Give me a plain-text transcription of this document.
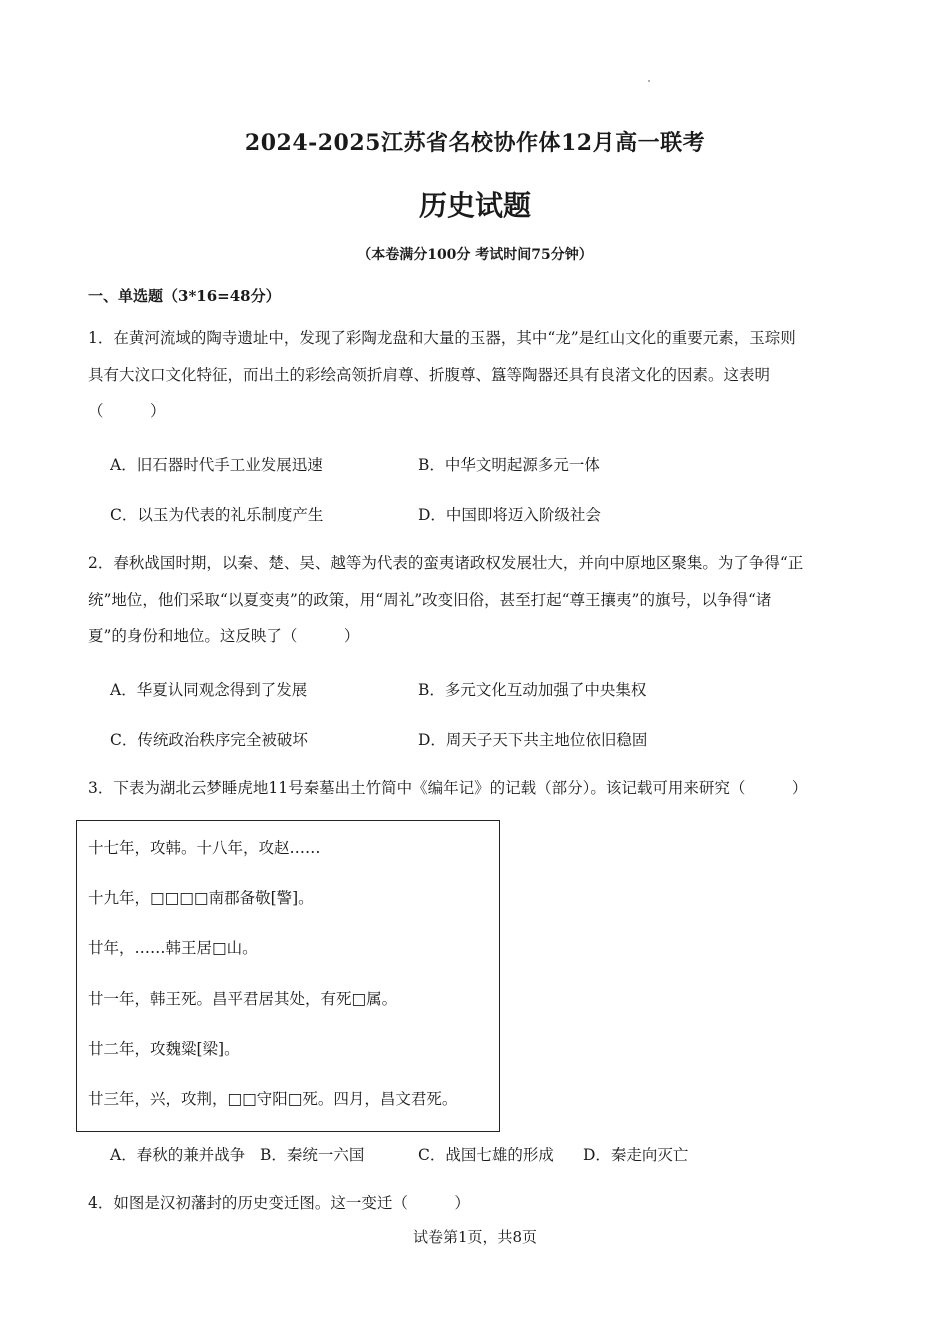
2024-2025江苏省名校协作体12月高一联考
历史试题
（本卷满分100分 考试时间75分钟）
一、单选题（3*16=48分）
1．在黄河流域的陶寺遗址中，发现了彩陶龙盘和大量的玉器，其中“龙”是红山文化的重要元素，玉琮则
具有大汶口文化特征，而出土的彩绘高领折肩尊、折腹尊、簋等陶器还具有良渚文化的因素。这表明
（　　　）
A．旧石器时代手工业发展迅速	B．中华文明起源多元一体
C．以玉为代表的礼乐制度产生	D．中国即将迈入阶级社会
2．春秋战国时期，以秦、楚、吴、越等为代表的蛮夷诸政权发展壮大，并向中原地区聚集。为了争得“正
统”地位，他们采取“以夏变夷”的政策，用“周礼”改变旧俗，甚至打起“尊王攘夷”的旗号，以争得“诸
夏”的身份和地位。这反映了（　　　）
A．华夏认同观念得到了发展	B．多元文化互动加强了中央集权
C．传统政治秩序完全被破坏	D．周天子天下共主地位依旧稳固
3．下表为湖北云梦睡虎地11号秦墓出土竹简中《编年记》的记载（部分）。该记载可用来研究（　　　）
十七年，攻韩。十八年，攻赵……
十九年，□□□□南郡备敬[警]。
廿年，……韩王居□山。
廿一年，韩王死。昌平君居其处，有死□属。
廿二年，攻魏粱[梁]。
廿三年，兴，攻荆，□□守阳□死。四月，昌文君死。
A．春秋的兼并战争 B．秦统一六国	C．战国七雄的形成 D．秦走向灭亡
4．如图是汉初藩封的历史变迁图。这一变迁（　　　）
试卷第1页，共8页
